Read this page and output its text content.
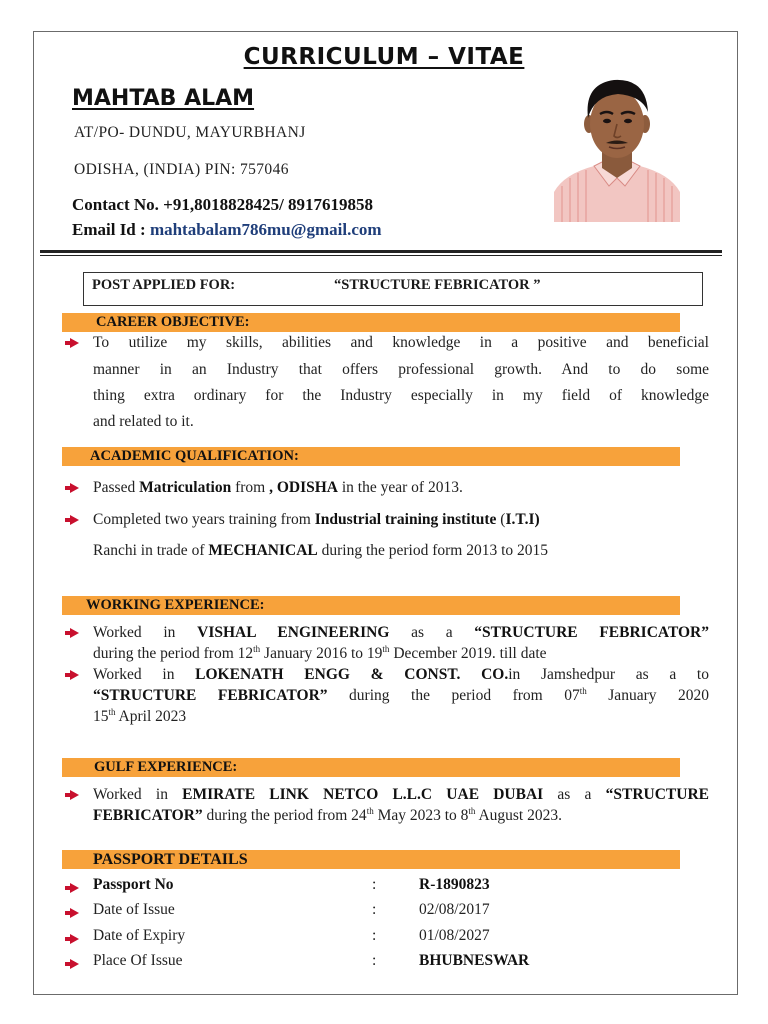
CURRICULUM – VITAE
MAHTAB ALAM
AT/PO- DUNDU, MAYURBHANJ
ODISHA, (INDIA) PIN: 757046
Contact No. +91,8018828425/ 8917619858
Email Id : mahtabalam786mu@gmail.com
POST APPLIED FOR:	“STRUCTURE FEBRICATOR ”
CAREER OBJECTIVE:
To utilize my skills, abilities and knowledge in a positive and beneficial
manner in an Industry that offers professional growth. And to do some
thing extra ordinary for the Industry especially in my field of knowledge
and related to it.
ACADEMIC QUALIFICATION:
Passed Matriculation from , ODISHA in the year of 2013.
Completed two years training from Industrial training institute (I.T.I)
Ranchi in trade of MECHANICAL during the period form 2013 to 2015
WORKING EXPERIENCE:
Worked in VISHAL ENGINEERING as a “STRUCTURE FEBRICATOR”
during the period from 12th January 2016 to 19th December 2019. till date
Worked in LOKENATH ENGG & CONST. CO.in Jamshedpur as a to
“STRUCTURE FEBRICATOR” during the period from 07th January 2020
15th April 2023
GULF EXPERIENCE:
Worked in EMIRATE LINK NETCO L.L.C UAE DUBAI as a “STRUCTURE
FEBRICATOR” during the period from 24th May 2023 to 8th August 2023.
PASSPORT DETAILS
Passport No	:	R-1890823
Date of Issue	:	02/08/2017
Date of Expiry	:	01/08/2027
Place Of Issue	:	BHUBNESWAR
